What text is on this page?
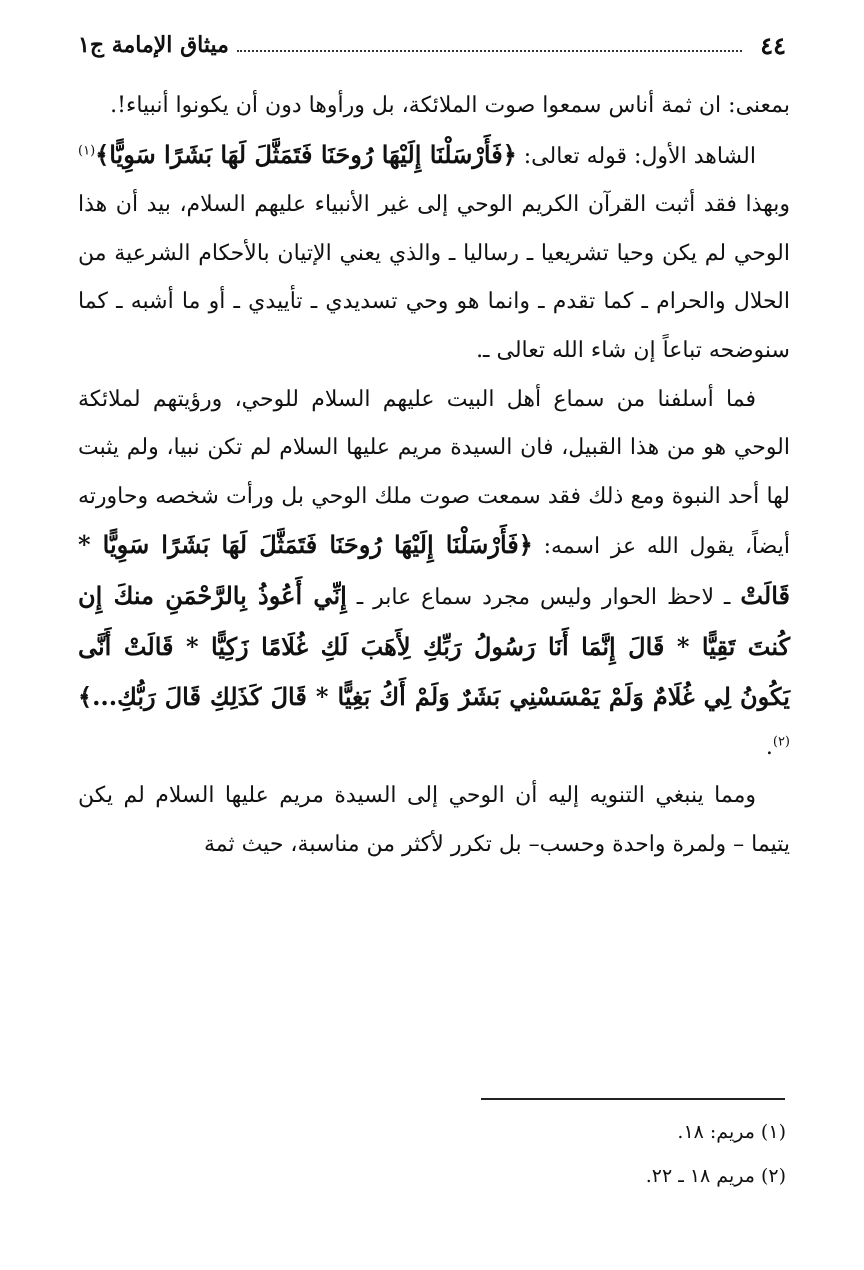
٤٤
ميثاق الإمامة ج١

بمعنى: ان ثمة أناس سمعوا صوت الملائكة، بل ورأوها دون أن يكونوا أنبياء!.

الشاهد الأول: قوله تعالى: ﴿فَأَرْسَلْنَا إِلَيْهَا رُوحَنَا فَتَمَثَّلَ لَهَا بَشَرًا سَوِيًّا﴾$^{(١)}$ وبهذا فقد أثبت القرآن الكريم الوحي إلى غير الأنبياء عليهم السلام، بيد أن هذا الوحي لم يكن وحيا تشريعيا ـ رساليا ـ والذي يعني الإتيان بالأحكام الشرعية من الحلال والحرام ـ كما تقدم ـ وانما هو وحي تسديدي ـ تأييدي ـ أو ما أشبه ـ كما سنوضحه تباعاً إن شاء الله تعالى ـ.

فما أسلفنا من سماع أهل البيت عليهم السلام للوحي، ورؤيتهم لملائكة الوحي هو من هذا القبيل، فان السيدة مريم عليها السلام لم تكن نبيا، ولم يثبت لها أحد النبوة ومع ذلك فقد سمعت صوت ملك الوحي بل ورأت شخصه وحاورته أيضاً، يقول الله عز اسمه: ﴿فَأَرْسَلْنَا إِلَيْهَا رُوحَنَا فَتَمَثَّلَ لَهَا بَشَرًا سَوِيًّا * قَالَتْ ـ لاحظ الحوار وليس مجرد سماع عابر ـ إِنِّي أَعُوذُ بِالرَّحْمَنِ منكَ إِن كُنتَ تَقِيًّا * قَالَ إِنَّمَا أَنَا رَسُولُ رَبِّكِ لِأَهَبَ لَكِ غُلَامًا زَكِيًّا * قَالَتْ أَنَّى يَكُونُ لِي غُلَامٌ وَلَمْ يَمْسَسْنِي بَشَرٌ وَلَمْ أَكُ بَغِيًّا * قَالَ كَذَلِكِ قَالَ رَبُّكِ...﴾$^{(٢)}$.

ومما ينبغي التنويه إليه أن الوحي إلى السيدة مريم عليها السلام لم يكن يتيما – ولمرة واحدة وحسب– بل تكرر لأكثر من مناسبة، حيث ثمة

(١) مريم: ١٨.
(٢) مريم ١٨ ـ ٢٢.
